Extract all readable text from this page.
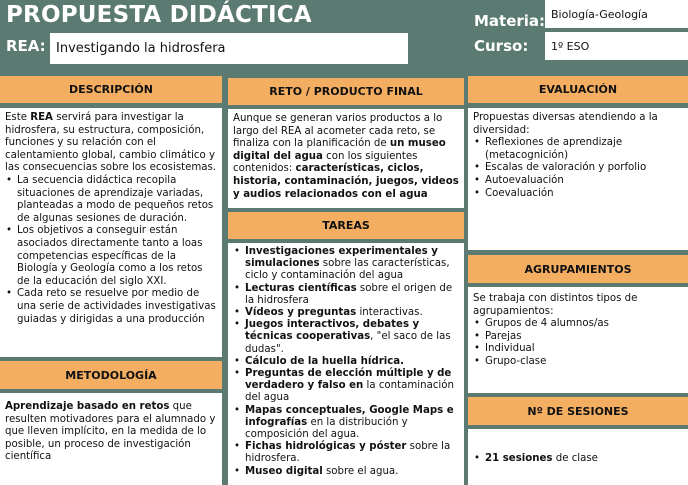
PROPUESTA DIDÁCTICA
REA: Investigando la hidrosfera
Materia: Biología-Geología
Curso: 1º ESO
DESCRIPCIÓN
Este REA servirá para investigar la hidrosfera, su estructura, composición, funciones y su relación con el calentamiento global, cambio climático y las consecuencias sobre los ecosistemas.
• La secuencia didáctica recopila situaciones de aprendizaje variadas, planteadas a modo de pequeños retos de algunas sesiones de duración.
• Los objetivos a conseguir están asociados directamente tanto a loas competencias específicas de la Biología y Geología como a los retos de la educación del siglo XXI.
• Cada reto se resuelve por medio de una serie de actividades investigativas guiadas y dirigidas a una producción
METODOLOGÍA
Aprendizaje basado en retos que resulten motivadores para el alumnado y que lleven implícito, en la medida de lo posible, un proceso de investigación científica
RETO / PRODUCTO FINAL
Aunque se generan varios productos a lo largo del REA al acometer cada reto, se finaliza con la planificación de un museo digital del agua con los siguientes contenidos: características, ciclos, historia, contaminación, juegos, videos y audios relacionados con el agua
TAREAS
• Investigaciones experimentales y simulaciones sobre las características, ciclo y contaminación del agua
• Lecturas científicas sobre el origen de la hidrosfera
• Vídeos y preguntas interactivas.
• Juegos interactivos, debates y técnicas cooperativas, "el saco de las dudas".
• Cálculo de la huella hídrica.
• Preguntas de elección múltiple y de verdadero y falso en la contaminación del agua
• Mapas conceptuales, Google Maps e infografías en la distribución y composición del agua.
• Fichas hidrológicas y póster sobre la hidrosfera.
• Museo digital sobre el agua.
EVALUACIÓN
Propuestas diversas atendiendo a la diversidad:
• Reflexiones de aprendizaje (metacognición)
• Escalas de valoración y porfolio
• Autoevaluación
• Coevaluación
AGRUPAMIENTOS
Se trabaja con distintos tipos de agrupamientos:
• Grupos de 4 alumnos/as
• Parejas
• Individual
• Grupo-clase
Nº DE SESIONES
• 21 sesiones de clase
